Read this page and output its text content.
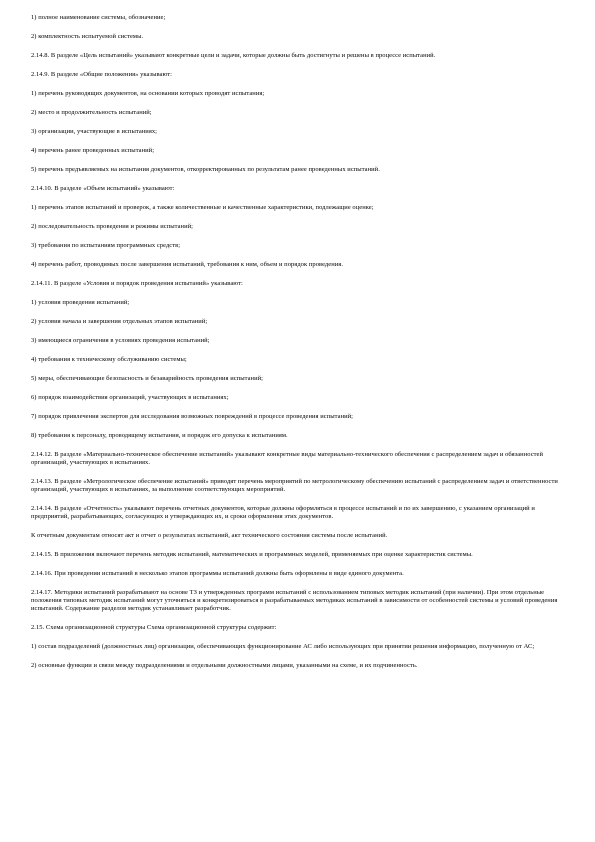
1) полное наименование системы, обозначение;

2) комплектность испытуемой системы.

2.14.8. В разделе «Цель испытаний» указывают конкретные цели и задачи, которые должны быть достигнуты и решены в процессе испытаний.

2.14.9. В разделе «Общие положения» указывают:

1) перечень руководящих документов, на основании которых проводят испытания;

2) место и продолжительность испытаний;

3) организации, участвующие в испытаниях;

4) перечень ранее проведенных испытаний;

5) перечень предъявляемых на испытания документов, откорректированных по результатам ранее проведенных испытаний.

2.14.10. В разделе «Объем испытаний» указывают:

1) перечень этапов испытаний и проверок, а также количественные и качественные характеристики, подлежащие оценке;

2) последовательность проведения и режимы испытаний;

3) требования по испытаниям программных средств;

4) перечень работ, проводимых после завершения испытаний, требования к ним, объем и порядок проведения.

2.14.11. В разделе «Условия и порядок проведения испытаний» указывают:

1) условия проведения испытаний;

2) условия начала и завершения отдельных этапов испытаний;

3) имеющиеся ограничения в условиях проведения испытаний;

4) требования к техническому обслуживанию системы;

5) меры, обеспечивающие безопасность и безаварийность проведения испытаний;

6) порядок взаимодействия организаций, участвующих в испытаниях;

7) порядок привлечения экспертов для исследования возможных повреждений в процессе проведения испытаний;

8) требования к персоналу, проводящему испытания, и порядок его допуска к испытаниям.

2.14.12. В разделе «Материально-техническое обеспечение испытаний» указывают конкретные виды материально-технического обеспечения с распределением задач и обязанностей организаций, участвующих в испытаниях.

2.14.13. В разделе «Метрологическое обеспечение испытаний» приводят перечень мероприятий по метрологическому обеспечению испытаний с распределением задач и ответственности организаций, участвующих в испытаниях, за выполнение соответствующих мероприятий.

2.14.14. В разделе «Отчетность» указывают перечень отчетных документов, которые должны оформляться в процессе испытаний и по их завершению, с указанием организаций и предприятий, разрабатывающих, согласующих и утверждающих их, и сроки оформления этих документов.

К отчетным документам относят акт и отчет о результатах испытаний, акт технического состояния системы после испытаний.

2.14.15. В приложения включают перечень методик испытаний, математических и программных моделей, применяемых при оценке характеристик системы.

2.14.16. При проведении испытаний в несколько этапов программы испытаний должны быть оформлены в виде единого документа.

2.14.17. Методики испытаний разрабатывают на основе ТЗ и утвержденных программ испытаний с использованием типовых методик испытаний (при наличии). При этом отдельные положения типовых методик испытаний могут уточняться и конкретизироваться в разрабатываемых методиках испытаний в зависимости от особенностей системы и условий проведения испытаний. Содержание разделов методик устанавливает разработчик.

2.15. Схема организационной структуры Схема организационной структуры содержит:

1) состав подразделений (должностных лиц) организации, обеспечивающих функционирование АС либо использующих при принятии решения информацию, полученную от АС;

2) основные функции и связи между подразделениями и отдельными должностными лицами, указанными на схеме, и их подчиненность.
